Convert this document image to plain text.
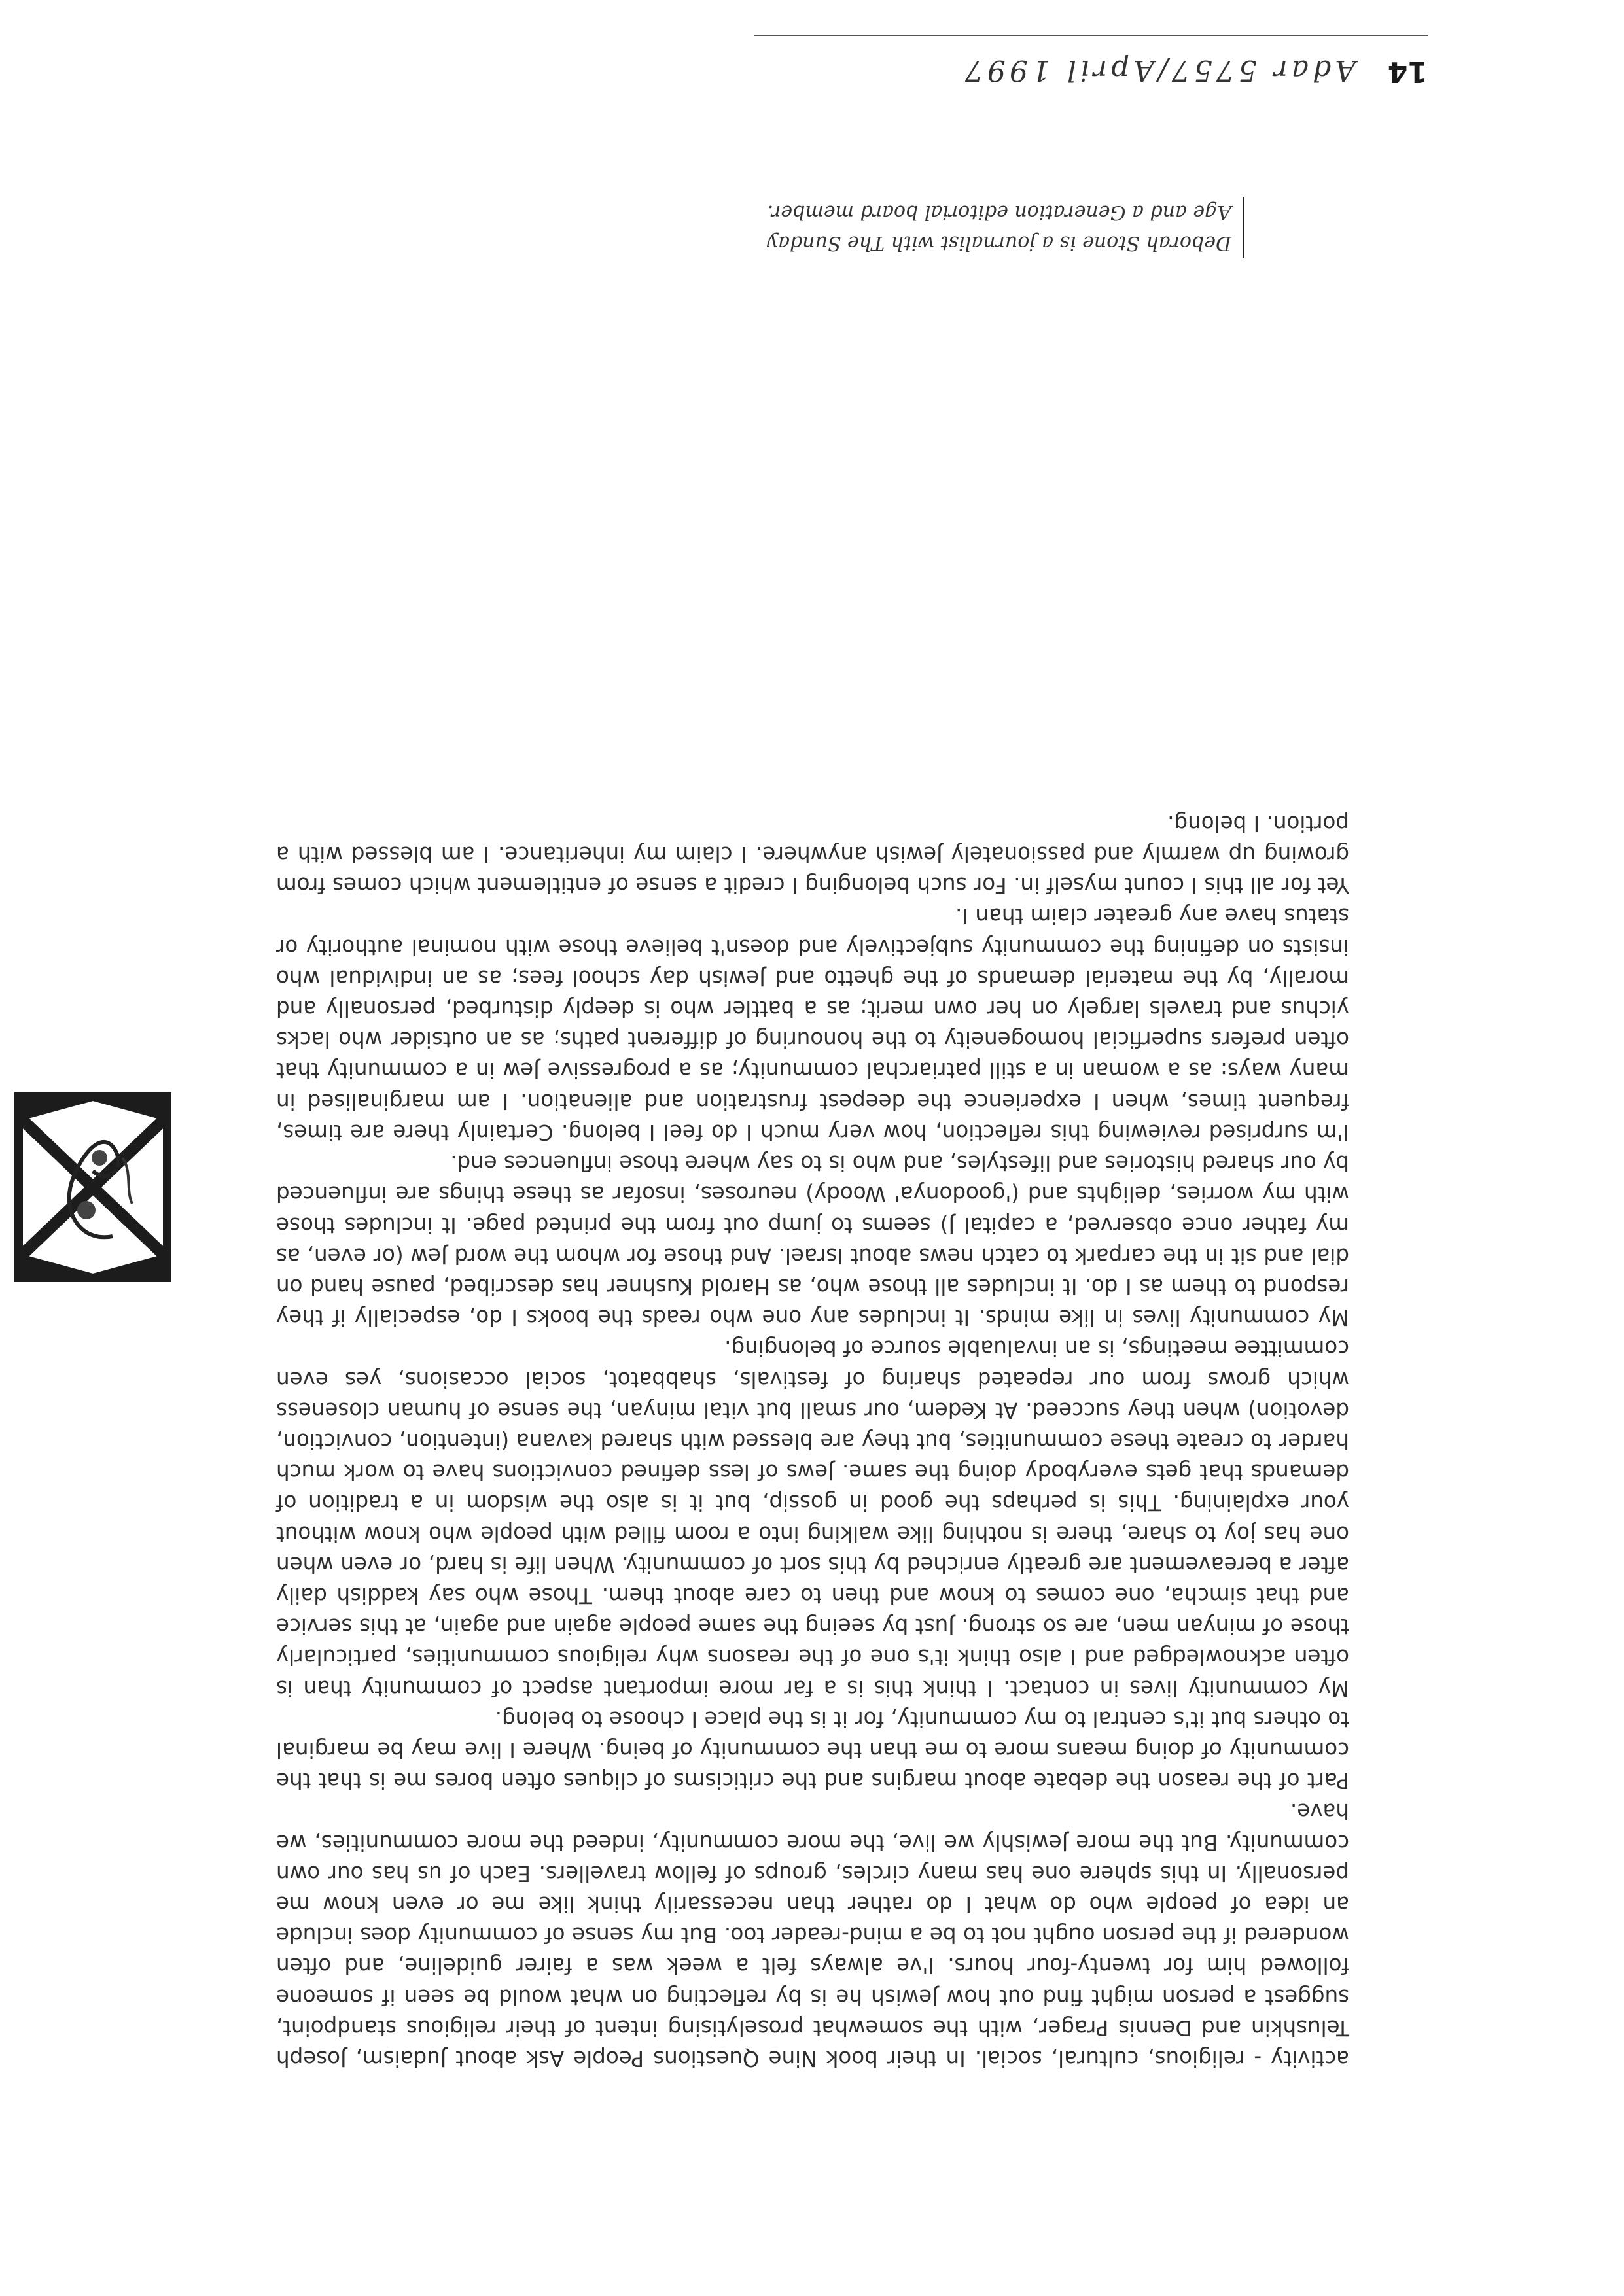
14
Adar 5757/April 1997

activity - religious, cultural, social. In their book Nine Questions People Ask about Judaism, Joseph Telushkin and Dennis Prager, with the somewhat proselytising intent of their religious standpoint, suggest a person might find out how Jewish he is by reflecting on what would be seen if someone followed him for twenty-four hours. I've always felt a week was a fairer guideline, and often wondered if the person ought not to be a mind-reader too. But my sense of community does include an idea of people who do what I do rather than necessarily think like me or even know me personally. In this sphere one has many circles, groups of fellow travellers. Each of us has our own community. But the more Jewishly we live, the more community, indeed the more communities, we have.

Part of the reason the debate about margins and the criticisms of cliques often bores me is that the community of doing means more to me than the community of being. Where I live may be marginal to others but it's central to my community, for it is the place I choose to belong.

My community lives in contact. I think this is a far more important aspect of community than is often acknowledged and I also think it's one of the reasons why religious communities, particularly those of minyan men, are so strong. Just by seeing the same people again and again, at this service and that simcha, one comes to know and then to care about them. Those who say kaddish daily after a bereavement are greatly enriched by this sort of community. When life is hard, or even when one has joy to share, there is nothing like walking into a room filled with people who know without your explaining. This is perhaps the good in gossip, but it is also the wisdom in a tradition of demands that gets everybody doing the same. Jews of less defined convictions have to work much harder to create these communities, but they are blessed with shared kavana (intention, conviction, devotion) when they succeed. At Kedem, our small but vital minyan, the sense of human closeness which grows from our repeated sharing of festivals, shabbatot, social occasions, yes even committee meetings, is an invaluable source of belonging.

My community lives in like minds. It includes any one who reads the books I do, especially if they respond to them as I do. It includes all those who, as Harold Kushner has described, pause hand on dial and sit in the carpark to catch news about Israel. And those for whom the word Jew (or even, as my father once observed, a capital J) seems to jump out from the printed page. It includes those with my worries, delights and ('goodonya' Woody) neuroses, insofar as these things are influenced by our shared histories and lifestyles, and who is to say where those influences end.

I'm surprised reviewing this reflection, how very much I do feel I belong. Certainly there are times, frequent times, when I experience the deepest frustration and alienation. I am marginalised in many ways: as a woman in a still patriarchal community; as a progressive Jew in a community that often prefers superficial homogeneity to the honouring of different paths; as an outsider who lacks yichus and travels largely on her own merit; as a battler who is deeply disturbed, personally and morally, by the material demands of the ghetto and Jewish day school fees; as an individual who insists on defining the community subjectively and doesn't believe those with nominal authority or status have any greater claim than I.

Yet for all this I count myself in. For such belonging I credit a sense of entitlement which comes from growing up warmly and passionately Jewish anywhere. I claim my inheritance. I am blessed with a portion. I belong.

Deborah Stone is a journalist with The Sunday Age and a Generation editorial board member.
